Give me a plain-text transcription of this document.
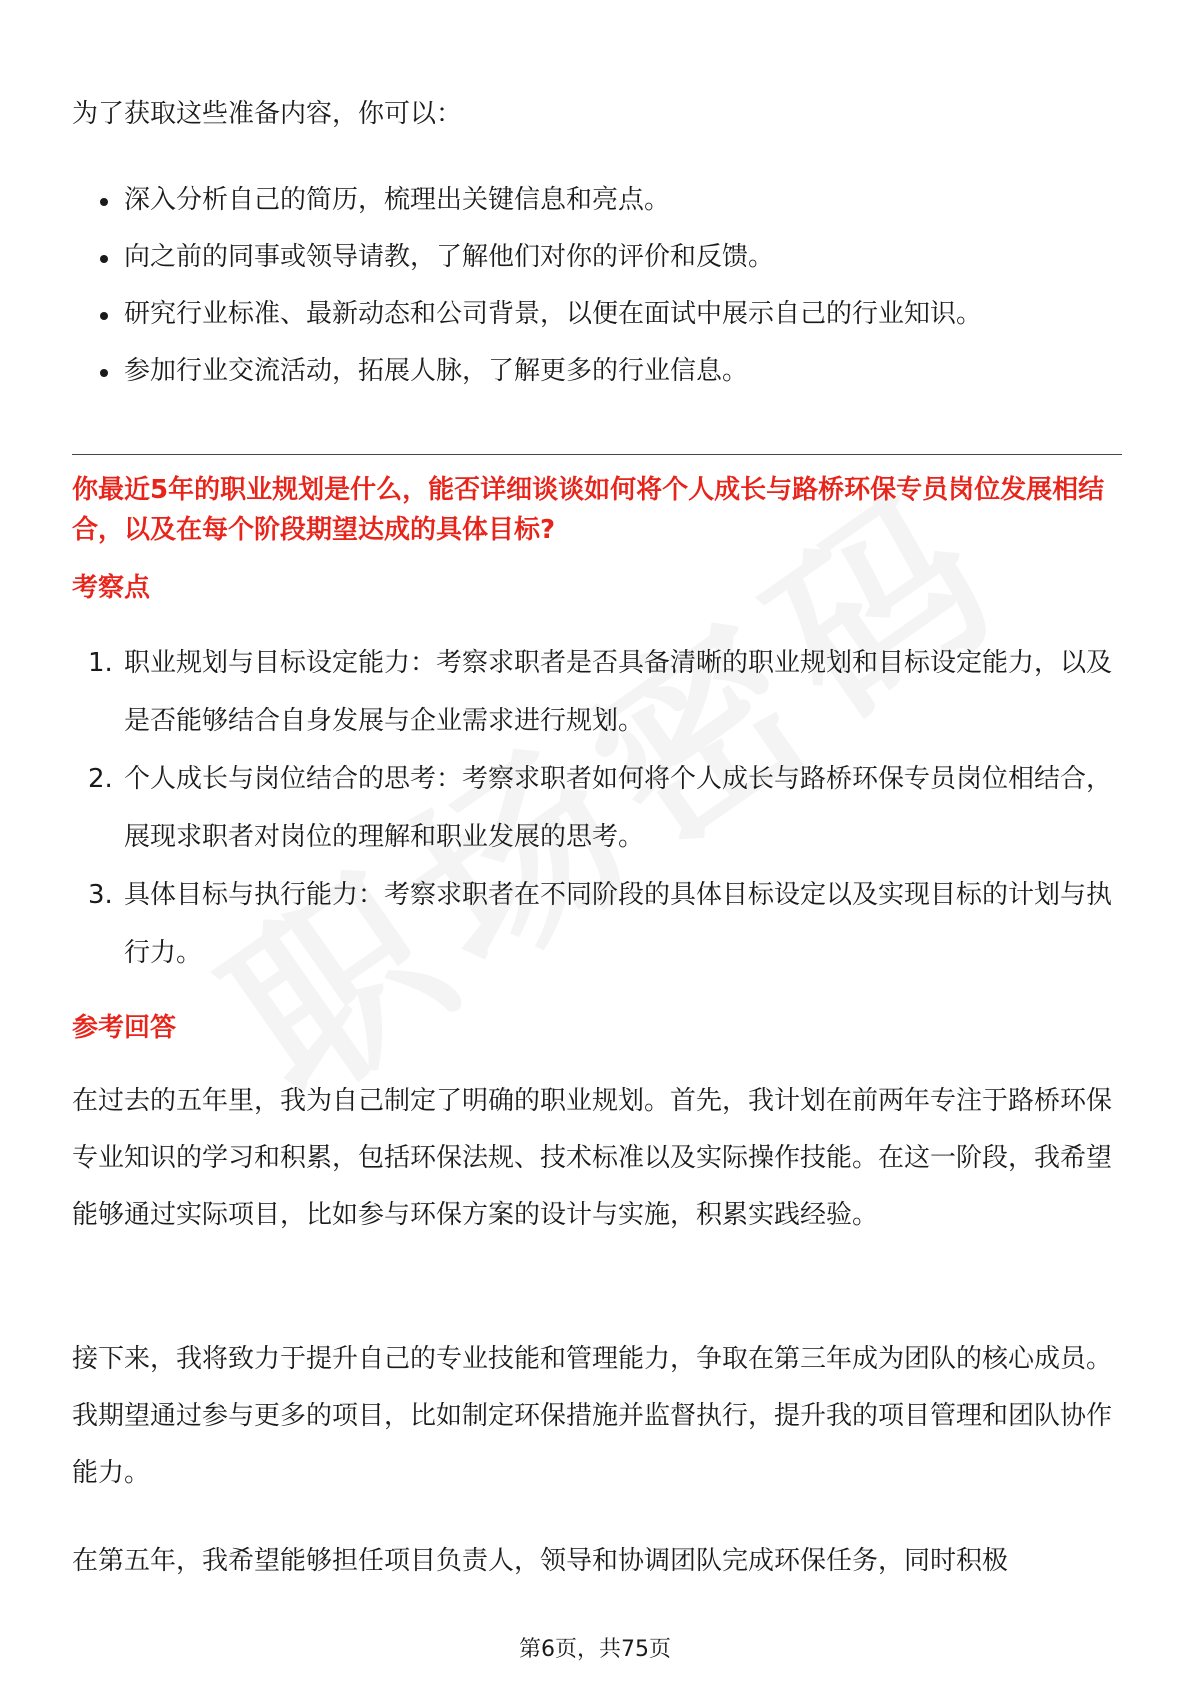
为了获取这些准备内容，你可以：

深入分析自己的简历，梳理出关键信息和亮点。
向之前的同事或领导请教，了解他们对你的评价和反馈。
研究行业标准、最新动态和公司背景，以便在面试中展示自己的行业知识。
参加行业交流活动，拓展人脉，了解更多的行业信息。
你最近5年的职业规划是什么，能否详细谈谈如何将个人成长与路桥环保专员岗位发展相结合，以及在每个阶段期望达成的具体目标?
考察点
1. 职业规划与目标设定能力：考察求职者是否具备清晰的职业规划和目标设定能力，以及是否能够结合自身发展与企业需求进行规划。
2. 个人成长与岗位结合的思考：考察求职者如何将个人成长与路桥环保专员岗位相结合，展现求职者对岗位的理解和职业发展的思考。
3. 具体目标与执行能力：考察求职者在不同阶段的具体目标设定以及实现目标的计划与执行力。
参考回答

在过去的五年里，我为自己制定了明确的职业规划。首先，我计划在前两年专注于路桥环保专业知识的学习和积累，包括环保法规、技术标准以及实际操作技能。在这一阶段，我希望能够通过实际项目，比如参与环保方案的设计与实施，积累实践经验。

接下来，我将致力于提升自己的专业技能和管理能力，争取在第三年成为团队的核心成员。我期望通过参与更多的项目，比如制定环保措施并监督执行，提升我的项目管理和团队协作能力。

在第五年，我希望能够担任项目负责人，领导和协调团队完成环保任务，同时积极

第6页，共75页
